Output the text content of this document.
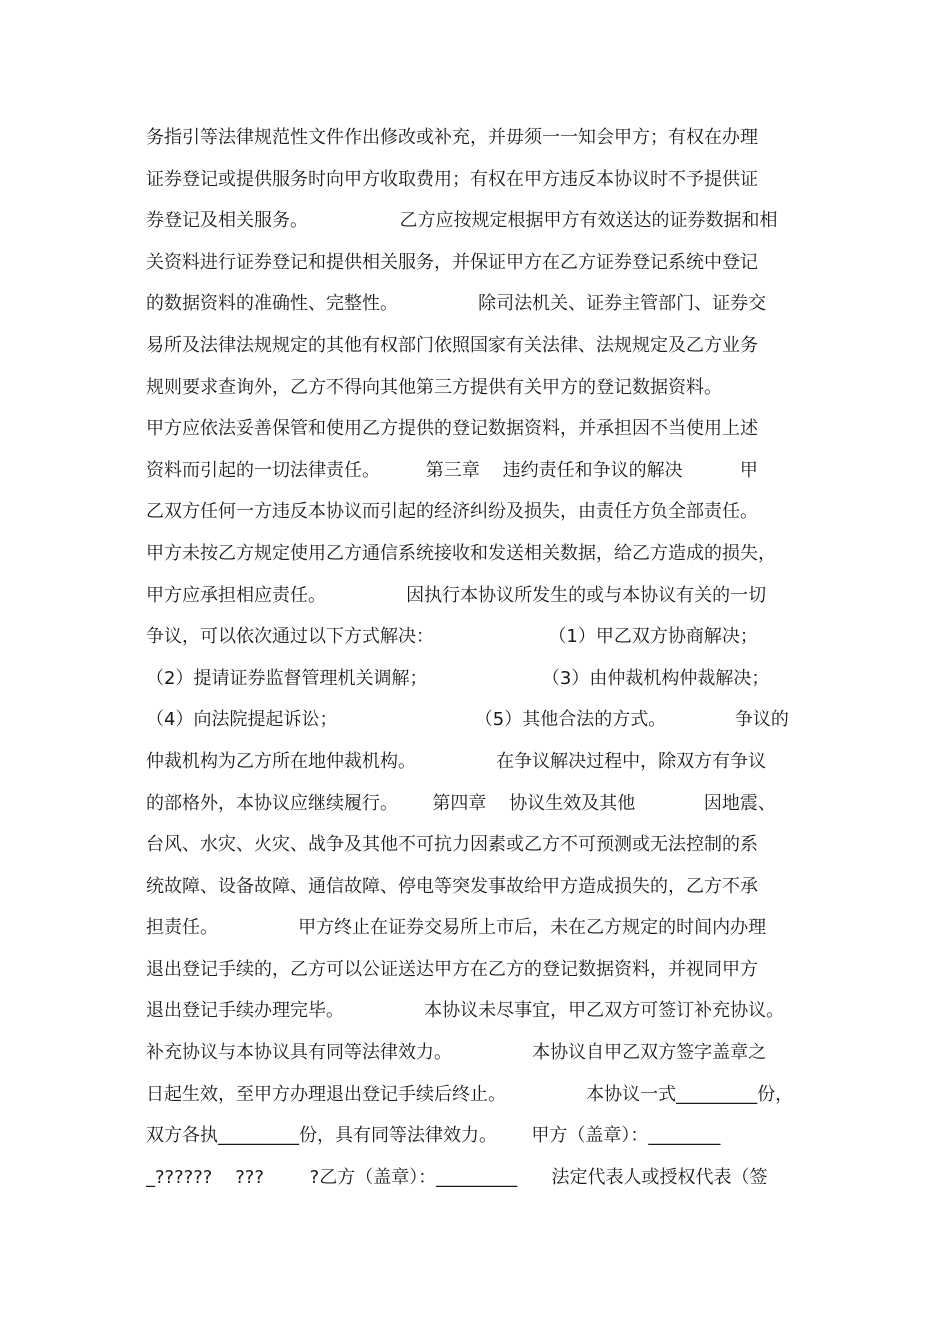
务指引等法律规范性文件作出修改或补充，并毋须一一知会甲方；有权在办理
证券登记或提供服务时向甲方收取费用；有权在甲方违反本协议时不予提供证
券登记及相关服务。                乙方应按规定根据甲方有效送达的证券数据和相
关资料进行证券登记和提供相关服务，并保证甲方在乙方证券登记系统中登记
的数据资料的准确性、完整性。              除司法机关、证券主管部门、证券交
易所及法律法规规定的其他有权部门依照国家有关法律、法规规定及乙方业务
规则要求查询外，乙方不得向其他第三方提供有关甲方的登记数据资料。
甲方应依法妥善保管和使用乙方提供的登记数据资料，并承担因不当使用上述
资料而引起的一切法律责任。        第三章    违约责任和争议的解决          甲
乙双方任何一方违反本协议而引起的经济纠纷及损失，由责任方负全部责任。
甲方未按乙方规定使用乙方通信系统接收和发送相关数据，给乙方造成的损失，
甲方应承担相应责任。              因执行本协议所发生的或与本协议有关的一切
争议，可以依次通过以下方式解决：                    （1）甲乙双方协商解决；
（2）提请证券监督管理机关调解；                    （3）由仲裁机构仲裁解决；
（4）向法院提起诉讼；                        （5）其他合法的方式。            争议的
仲裁机构为乙方所在地仲裁机构。              在争议解决过程中，除双方有争议
的部格外，本协议应继续履行。      第四章    协议生效及其他            因地震、
台风、水灾、火灾、战争及其他不可抗力因素或乙方不可预测或无法控制的系
统故障、设备故障、通信故障、停电等突发事故给甲方造成损失的，乙方不承
担责任。              甲方终止在证券交易所上市后，未在乙方规定的时间内办理
退出登记手续的，乙方可以公证送达甲方在乙方的登记数据资料，并视同甲方
退出登记手续办理完毕。              本协议未尽事宜，甲乙双方可签订补充协议。
补充协议与本协议具有同等法律效力。              本协议自甲乙双方签字盖章之
日起生效，至甲方办理退出登记手续后终止。              本协议一式_________份，
双方各执_________份，具有同等法律效力。      甲方（盖章）：________
_??????    ???        ?乙方（盖章）：_________      法定代表人或授权代表（签
